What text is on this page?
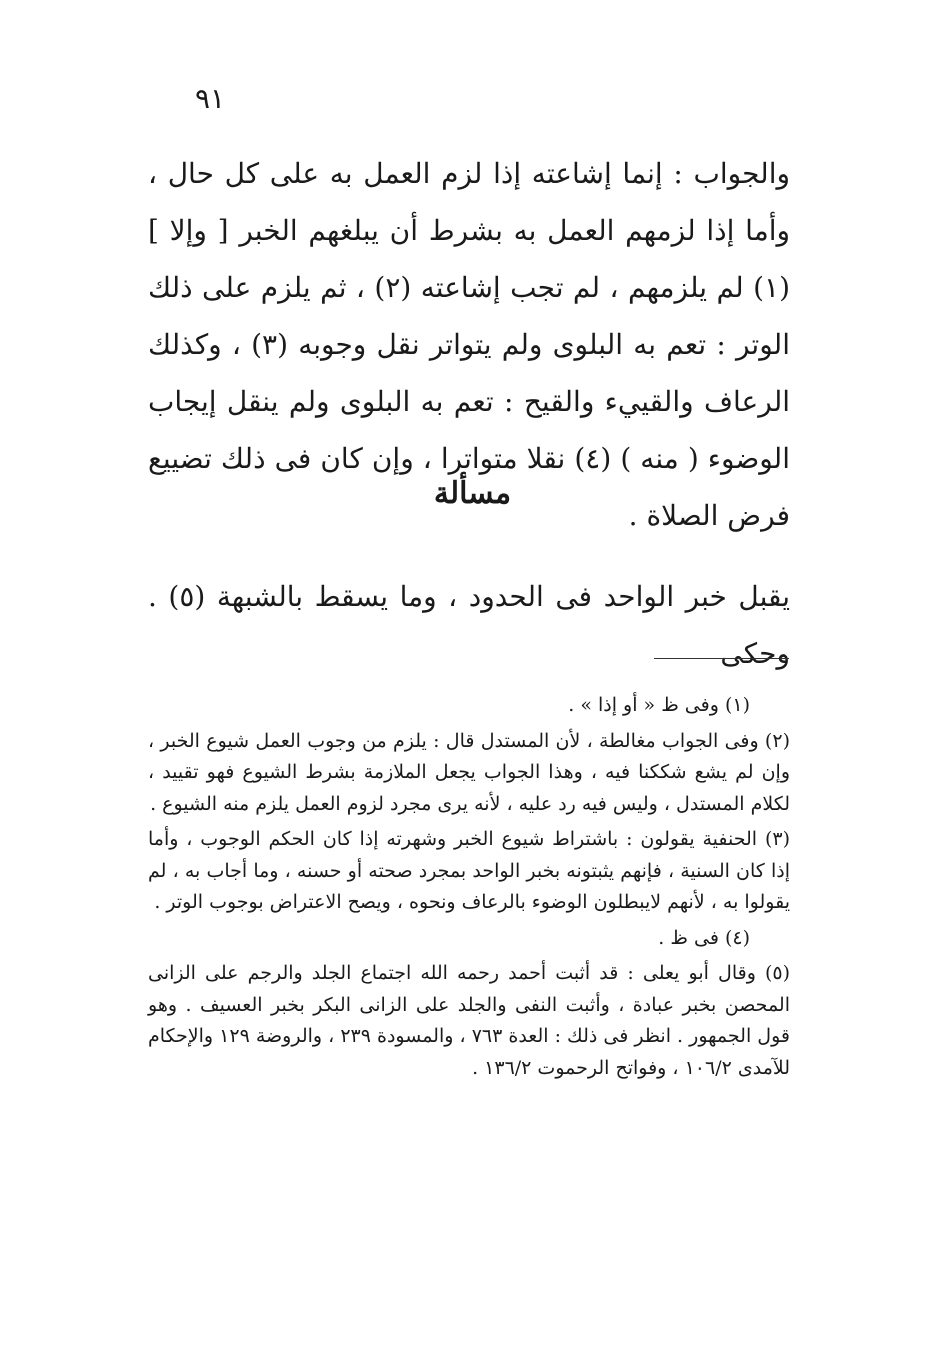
٩١
والجواب : إنما إشاعته إذا لزم العمل به على كل حال ، وأما إذا لزمهم العمل به بشرط أن يبلغهم الخبر [ وإلا ] (١) لم يلزمهم ، لم تجب إشاعته (٢) ، ثم يلزم على ذلك الوتر : تعم به البلوى ولم يتواتر نقل وجوبه (٣) ، وكذلك الرعاف والقييء والقيح : تعم به البلوى ولم ينقل إيجاب الوضوء ( منه ) (٤) نقلا متواترا ، وإن كان فى ذلك تضييع فرض الصلاة .
مسألة
يقبل خبر الواحد فى الحدود ، وما يسقط بالشبهة (٥) . وحكى

(١) وفى ظ « أو إذا » .

(٢) وفى الجواب مغالطة ، لأن المستدل قال : يلزم من وجوب العمل شيوع الخبر ، وإن لم يشع شككنا فيه ، وهذا الجواب يجعل الملازمة بشرط الشيوع فهو تقييد ، لكلام المستدل ، وليس فيه رد عليه ، لأنه يرى مجرد لزوم العمل يلزم منه الشيوع .

(٣) الحنفية يقولون : باشتراط شيوع الخبر وشهرته إذا كان الحكم الوجوب ، وأما إذا كان السنية ، فإنهم يثبتونه بخبر الواحد بمجرد صحته أو حسنه ، وما أجاب به ، لم يقولوا به ، لأنهم لايبطلون الوضوء بالرعاف ونحوه ، ويصح الاعتراض بوجوب الوتر .

(٤) فى ظ .

(٥) وقال أبو يعلى : قد أثبت أحمد رحمه الله اجتماع الجلد والرجم على الزانى المحصن بخبر عبادة ، وأثبت النفى والجلد على الزانى البكر بخبر العسيف . وهو قول الجمهور . انظر فى ذلك : العدة ٧٦٣ ، والمسودة ٢٣٩ ، والروضة ١٢٩ والإحكام للآمدى ١٠٦/٢ ، وفواتح الرحموت ١٣٦/٢ .
